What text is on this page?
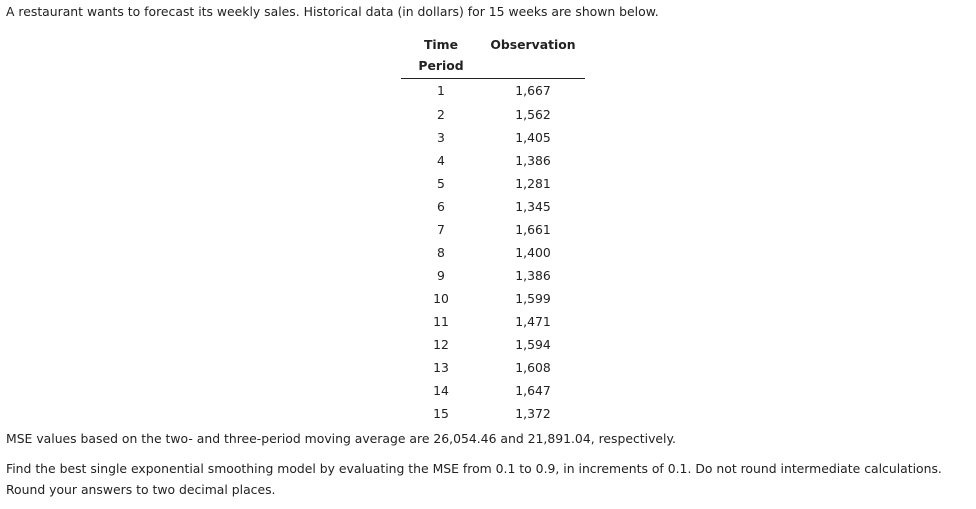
A restaurant wants to forecast its weekly sales. Historical data (in dollars) for 15 weeks are shown below.

Time
Period	Observation
1	1,667
2	1,562
3	1,405
4	1,386
5	1,281
6	1,345
7	1,661
8	1,400
9	1,386
10	1,599
11	1,471
12	1,594
13	1,608
14	1,647
15	1,372

MSE values based on the two- and three-period moving average are 26,054.46 and 21,891.04, respectively.

Find the best single exponential smoothing model by evaluating the MSE from 0.1 to 0.9, in increments of 0.1. Do not round intermediate calculations. Round your answers to two decimal places.
